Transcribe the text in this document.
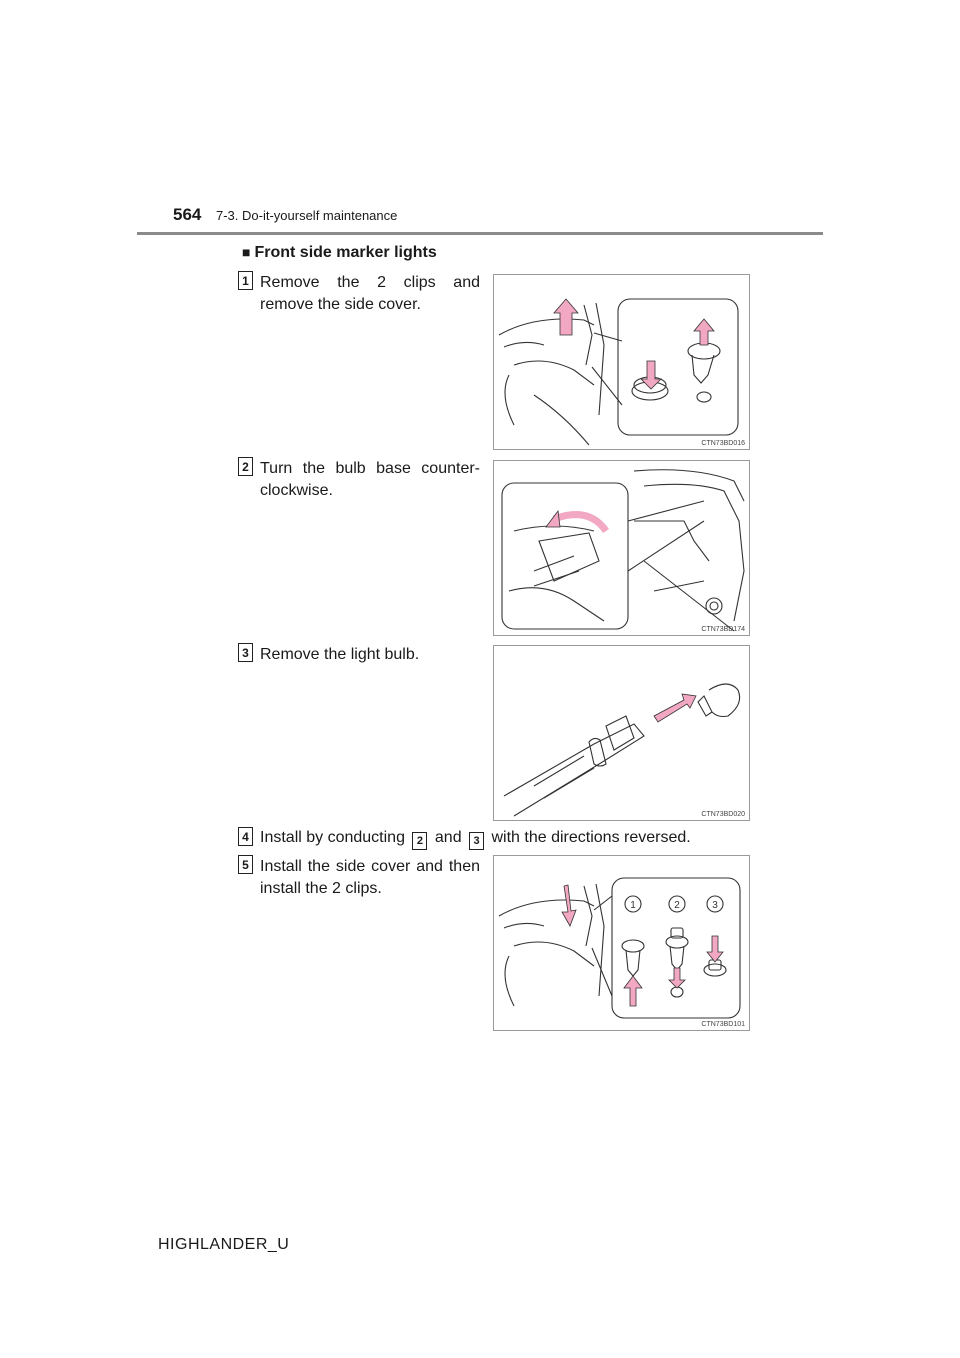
564 7-3. Do-it-yourself maintenance
■ Front side marker lights
1 Remove the 2 clips and remove the side cover.
CTN73BD016
2 Turn the bulb base counter-clockwise.
CTN73BD174
3 Remove the light bulb.
CTN73BD020
4 Install by conducting 2 and 3 with the directions reversed.
5 Install the side cover and then install the 2 clips.
1	2	3
CTN73BD101
HIGHLANDER_U
